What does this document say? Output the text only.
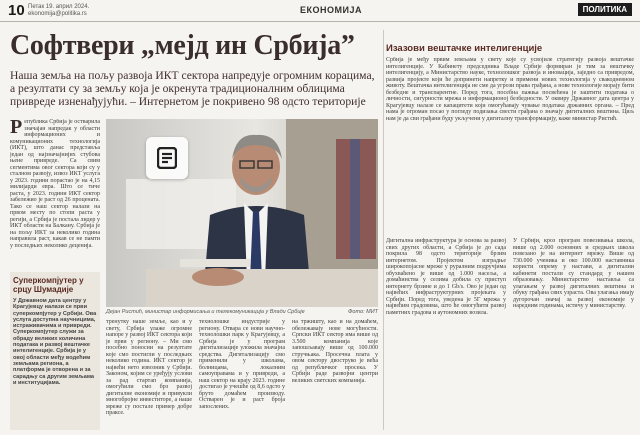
10 Петак 19. април 2024.
ekonomija@politika.rs	ЕКОНОМИЈА	ПОЛИТИКА
Софтвери „мејд ин Србија”
Наша земља на пољу развоја ИКТ сектора напредује огромним корацима, а резултати су за земљу која је окренута традиционалним облицима привреде изненађујући. – Интернетом је покривено 98 одсто територије
Република Србија је остварила значајан напредак у области информационих и комуникационих технологија (ИКТ), што данас представља један од најзначајнијих стубова њене привреде. Са свим сегментима овог сектора који су у сталном развоју, извоз ИКТ услуга у 2023. години порастао је на 4,15 милијарди евра. Што се тиче раста, у 2023. години ИКТ сектор забележио је раст од 26 процената. Тако се наш сектор налази на првом месту по стопи раста у регији, а Србија је постала лидер у ИКТ области на Балкану. Србија је на пољу ИКТ за неколико година направила раст, какав се не памти у последњих неколико деценија.
Суперкомпјутер у срцу Шумадије
У Државном дата центру у Крагујевцу налази се први суперкомпјутер у Србији. Ова услуга доступна научницима, истраживачима и привреди. Суперкомпјутер служи за обраду великих количина података и развој вештачке интелигенције. Србија је у овој области међу водећим земљама региона, а платформа је отворена и за сарадњу са другим земљама и институцијама.
Дејан Ристић, министар информисања и телекомуникација у Влади Србије	Фото: МИТ
тренутку наше земље, као и у свету, Србија улаже огромне напоре у развој ИКТ сектора који је први у региону. – Ми смо посебно поносни на резултате које смо постигли у последњих неколико година. ИКТ сектор је највећи нето извозник у Србији. Законом, којим се уређују услови за рад стартап компанија, омогућили смо брз развој дигиталне економије и привукли многобројне инвеститоре, а наше мреже су постале пример добре праксе.
технолошке индустрије у региону. Отвара се нови научно-технолошки парк у Крагујевцу, а Србија је у програм дигитализације уложила значајна средства. Дигитализацију смо применили у школама, болницама, локалним самоуправама и у привреди, а наш сектор на крају 2023. године достигао је учешће од 8,6 одсто у бруто домаћем производу. Остварен је и раст броја запослених.
на тржишту, као и на домаћем, обележавају нове могућности. Српски ИКТ сектор има више од 3.500 компанија које запошљавају више од 100.000 стручњака. Просечна плата у овом сектору двоструко је већа од републичког просека. У Србији раде развојни центри великих светских компанија.
Изазови вештачке интелигенције
Србија је међу првим земљама у свету које су усвојиле стратегију развоја вештачке интелигенције. У Кабинету председника Владе Србије формиран је тим за вештачку интелигенцију, а Министарство науке, технолошког развоја и иновација, заједно са привредом, развија пројекте који ће допринети напретку и примени нових технологија у свакодневном животу. Вештачка интелигенција не сме да угрози права грађана, а нове технологије морају бити безбедне и транспарентне. Поред тога, посебна пажња посвећена је заштити података о личности, сигурности мрежа и информационој безбедности. У оквиру Државног дата центра у Крагујевцу налазе се капацитети који омогућавају чување података државних органа. – Пред нама је огроман посао у погледу подизања свести грађана о значају дигиталних вештина. Циљ нам је да сви грађани буду укључени у дигиталну трансформацију, каже министар Ристић.
Дигитална инфраструктура је основа за развој свих других области, а Србија је до сада покрила 98 одсто територије брзим интернетом. Пројектом изградње широкопојасне мреже у руралним подручјима обухваћено је више од 1.000 насеља, а домаћинства у селима добила су приступ интернету брзине и до 1 Gb/s. Ово је један од највећих инфраструктурних пројеката у Србији. Поред тога, уведена је 5Г мрежа у највећим градовима, што ће омогућити развој паметних градова и аутономних возила.
У Србији, кроз програм повезивања школа, више од 2.000 основних и средњих школа повезано је на интернет мрежу. Више од 730.000 ученика и око 100.000 наставника користи опрему у настави, а дигитални кабинети постали су стандард у нашем образовању. Министарство наставља са улагањем у развој дигиталних вештина и обуку грађана свих узраста. Ова улагања имају дугорочан значај за развој економије у наредним годинама, истичу у министарству.
